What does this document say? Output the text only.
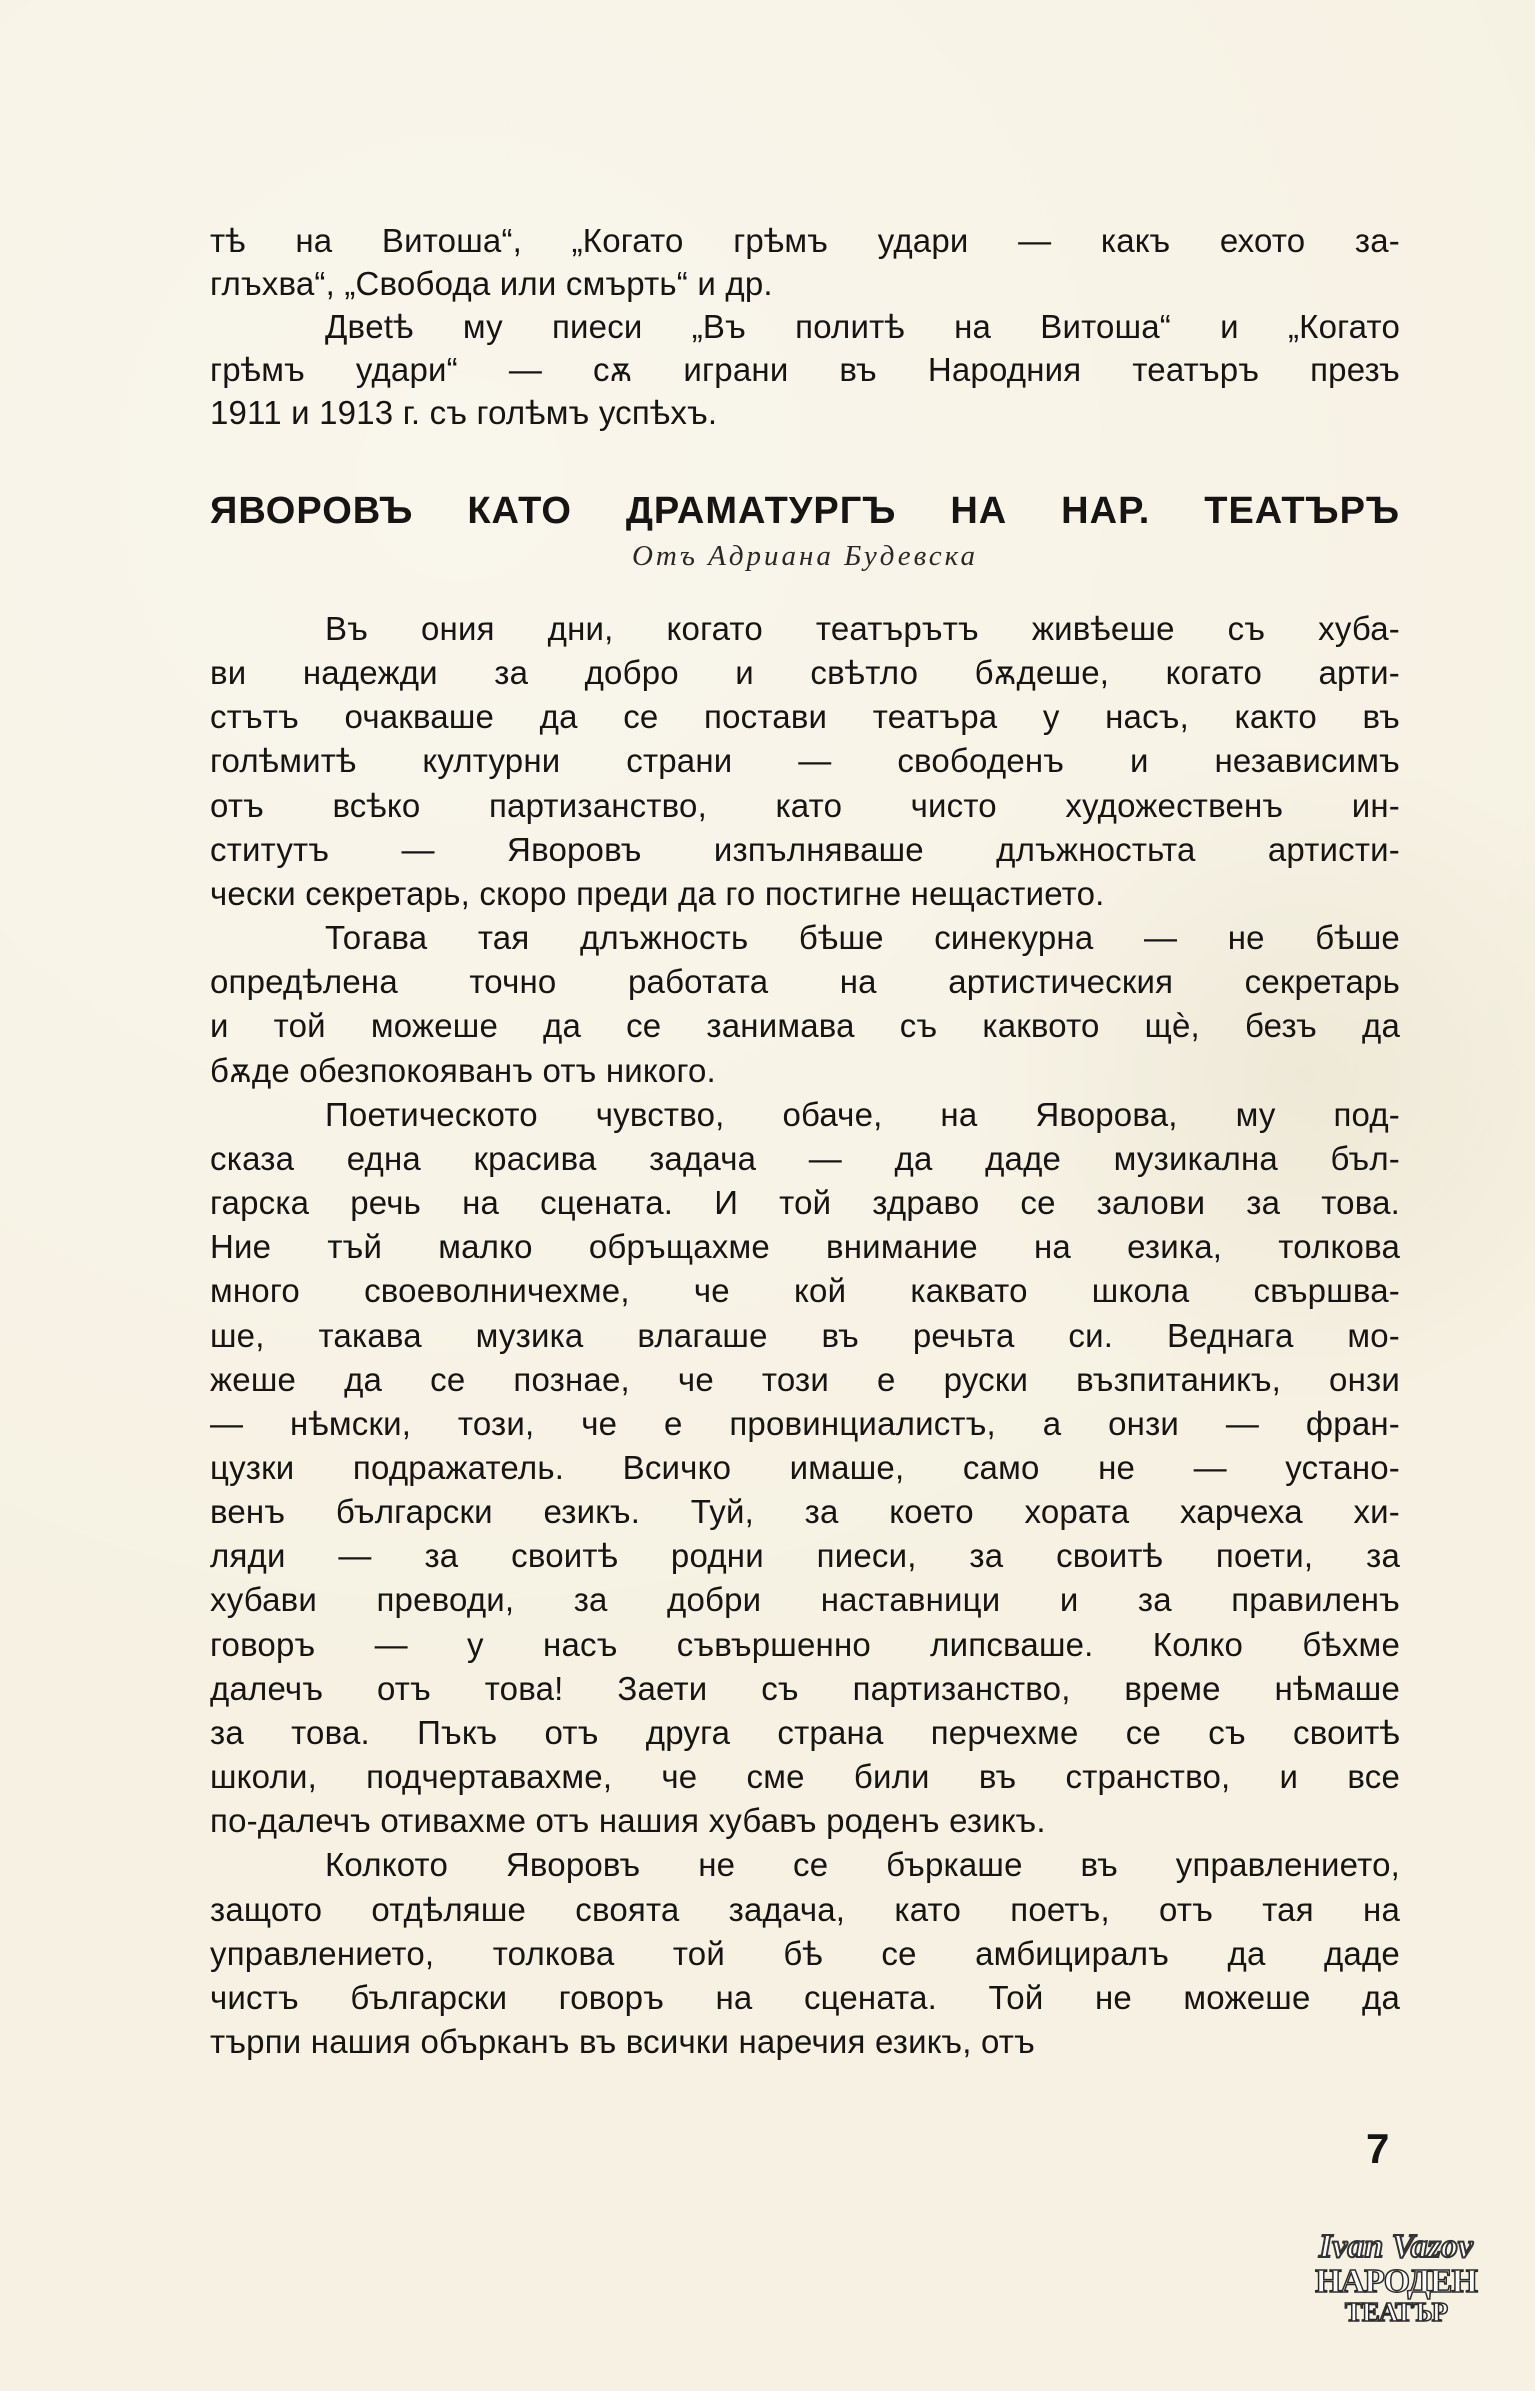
тѣ на Витоша“, „Когато грѣмъ удари — какъ ехото за-
глъхва“, „Свобода или смърть“ и др.
Двetѣ му пиеси „Въ политѣ на Витоша“ и „Когато
грѣмъ удари“ — сѫ играни въ Народния театъръ презъ
1911 и 1913 г. съ голѣмъ успѣхъ.
ЯВОРОВЪ КАТО ДРАМАТУРГЪ НА НАР. ТЕАТЪРЪ
Отъ Адриана Будевска
Въ ония дни, когато театърътъ живѣеше съ хуба-
ви надежди за добро и свѣтло бѫдеше, когато арти-
стътъ очакваше да се постави театъра у насъ, както въ
голѣмитѣ културни страни — свободенъ и независимъ
отъ всѣко партизанство, като чисто художественъ ин-
ститутъ — Яворовъ изпълняваше длъжностьта артисти-
чески секретарь, скоро преди да го постигне нещастието.
Тогава тая длъжность бѣше синекурна — не бѣше
опредѣлена точно работата на артистическия секретарь
и той можеше да се занимава съ каквото щѐ, безъ да
бѫде обезпокояванъ отъ никого.
Поетическото чувство, обаче, на Яворова, му под-
сказа една красива задача — да даде музикална бъл-
гарска речь на сцената. И той здраво се залови за това.
Ние тъй малко обръщахме внимание на езика, толкова
много своеволничехме, че кой каквато школа свършва-
ше, такава музика влагаше въ речьта си. Веднага мо-
жеше да се познае, че този е руски възпитаникъ, онзи
— нѣмски, този, че е провинциалистъ, а онзи — фран-
цузки подражатель. Всичко имаше, само не — устано-
венъ български езикъ. Туй, за което хората харчеха хи-
ляди — за своитѣ родни пиеси, за своитѣ поети, за
хубави преводи, за добри наставници и за правиленъ
говоръ — у насъ съвършенно липсваше. Колко бѣхме
далечъ отъ това! Заети съ партизанство, време нѣмаше
за това. Пъкъ отъ друга страна перчехме се съ своитѣ
школи, подчертавахме, че сме били въ странство, и все
по-далечъ отивахме отъ нашия хубавъ роденъ езикъ.
Колкото Яворовъ не се бъркаше въ управлението,
защото отдѣляше своята задача, като поетъ, отъ тая на
управлението, толкова той бѣ се амбициралъ да даде
чистъ български говоръ на сцената. Той не можеше да
търпи нашия обърканъ въ всички наречия езикъ, отъ
7
Ivan Vazov
НАРОДЕН
ТЕАТЪР
